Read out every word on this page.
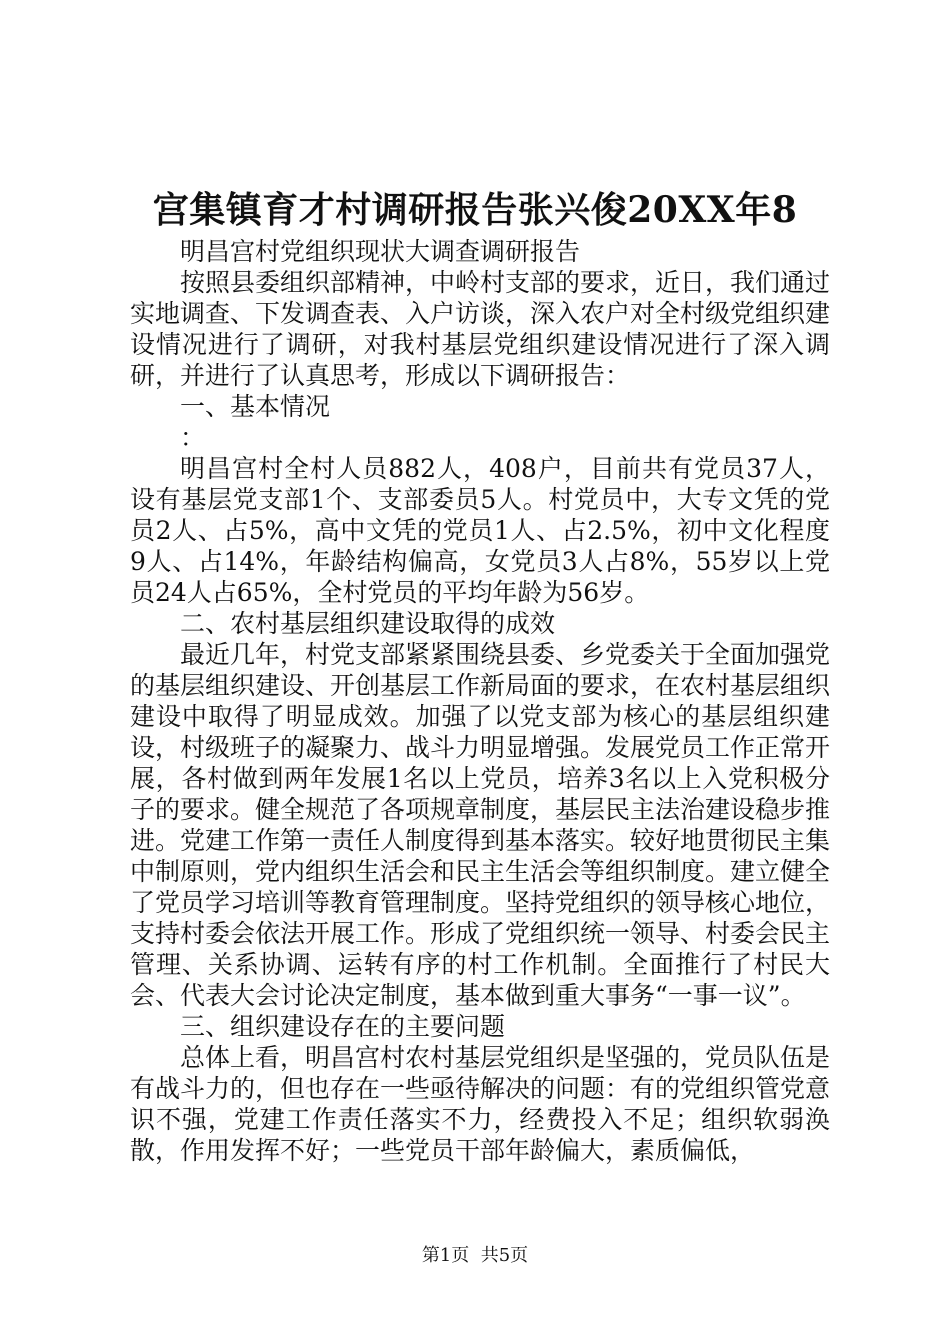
宫集镇育才村调研报告张兴俊20XX年8

明昌宫村党组织现状大调查调研报告

按照县委组织部精神，中岭村支部的要求，近日，我们通过实地调查、下发调查表、入户访谈，深入农户对全村级党组织建设情况进行了调研，对我村基层党组织建设情况进行了深入调研，并进行了认真思考，形成以下调研报告：

一、基本情况

：

明昌宫村全村人员882人，408户，目前共有党员37人，设有基层党支部1个、支部委员5人。村党员中，大专文凭的党员2人、占5%，高中文凭的党员1人、占2.5%，初中文化程度9人、占14%，年龄结构偏高，女党员3人占8%，55岁以上党员24人占65%，全村党员的平均年龄为56岁。

二、农村基层组织建设取得的成效

最近几年，村党支部紧紧围绕县委、乡党委关于全面加强党的基层组织建设、开创基层工作新局面的要求，在农村基层组织建设中取得了明显成效。加强了以党支部为核心的基层组织建设，村级班子的凝聚力、战斗力明显增强。发展党员工作正常开展，各村做到两年发展1名以上党员，培养3名以上入党积极分子的要求。健全规范了各项规章制度，基层民主法治建设稳步推进。党建工作第一责任人制度得到基本落实。较好地贯彻民主集中制原则，党内组织生活会和民主生活会等组织制度。建立健全了党员学习培训等教育管理制度。坚持党组织的领导核心地位，支持村委会依法开展工作。形成了党组织统一领导、村委会民主管理、关系协调、运转有序的村工作机制。全面推行了村民大会、代表大会讨论决定制度，基本做到重大事务“一事一议”。

三、组织建设存在的主要问题

总体上看，明昌宫村农村基层党组织是坚强的，党员队伍是有战斗力的，但也存在一些亟待解决的问题：有的党组织管党意识不强，党建工作责任落实不力，经费投入不足；组织软弱涣散，作用发挥不好；一些党员干部年龄偏大，素质偏低，

第1页 共5页
